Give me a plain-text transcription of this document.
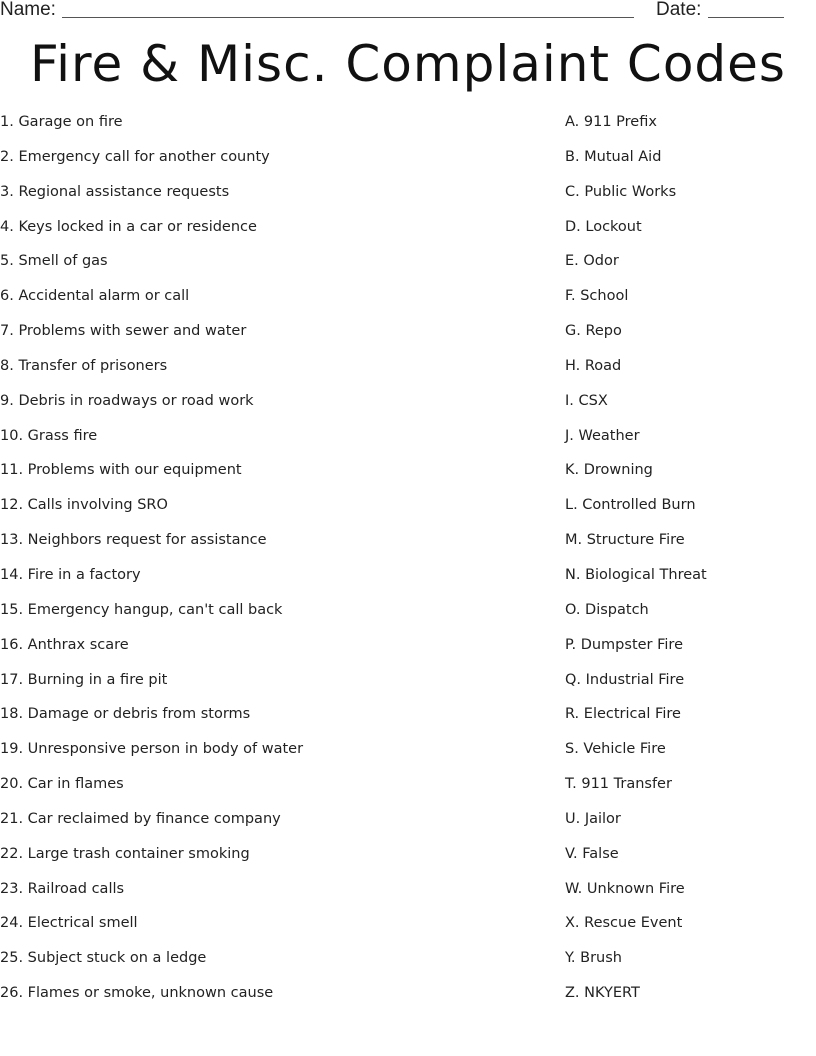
Name:	Date:
Fire & Misc. Complaint Codes
1. Garage on fire
2. Emergency call for another county
3. Regional assistance requests
4. Keys locked in a car or residence
5. Smell of gas
6. Accidental alarm or call
7. Problems with sewer and water
8. Transfer of prisoners
9. Debris in roadways or road work
10. Grass fire
11. Problems with our equipment
12. Calls involving SRO
13. Neighbors request for assistance
14. Fire in a factory
15. Emergency hangup, can't call back
16. Anthrax scare
17. Burning in a fire pit
18. Damage or debris from storms
19. Unresponsive person in body of water
20. Car in flames
21. Car reclaimed by finance company
22. Large trash container smoking
23. Railroad calls
24. Electrical smell
25. Subject stuck on a ledge
26. Flames or smoke, unknown cause
A. 911 Prefix
B. Mutual Aid
C. Public Works
D. Lockout
E. Odor
F. School
G. Repo
H. Road
I. CSX
J. Weather
K. Drowning
L. Controlled Burn
M. Structure Fire
N. Biological Threat
O. Dispatch
P. Dumpster Fire
Q. Industrial Fire
R. Electrical Fire
S. Vehicle Fire
T. 911 Transfer
U. Jailor
V. False
W. Unknown Fire
X. Rescue Event
Y. Brush
Z. NKYERT
